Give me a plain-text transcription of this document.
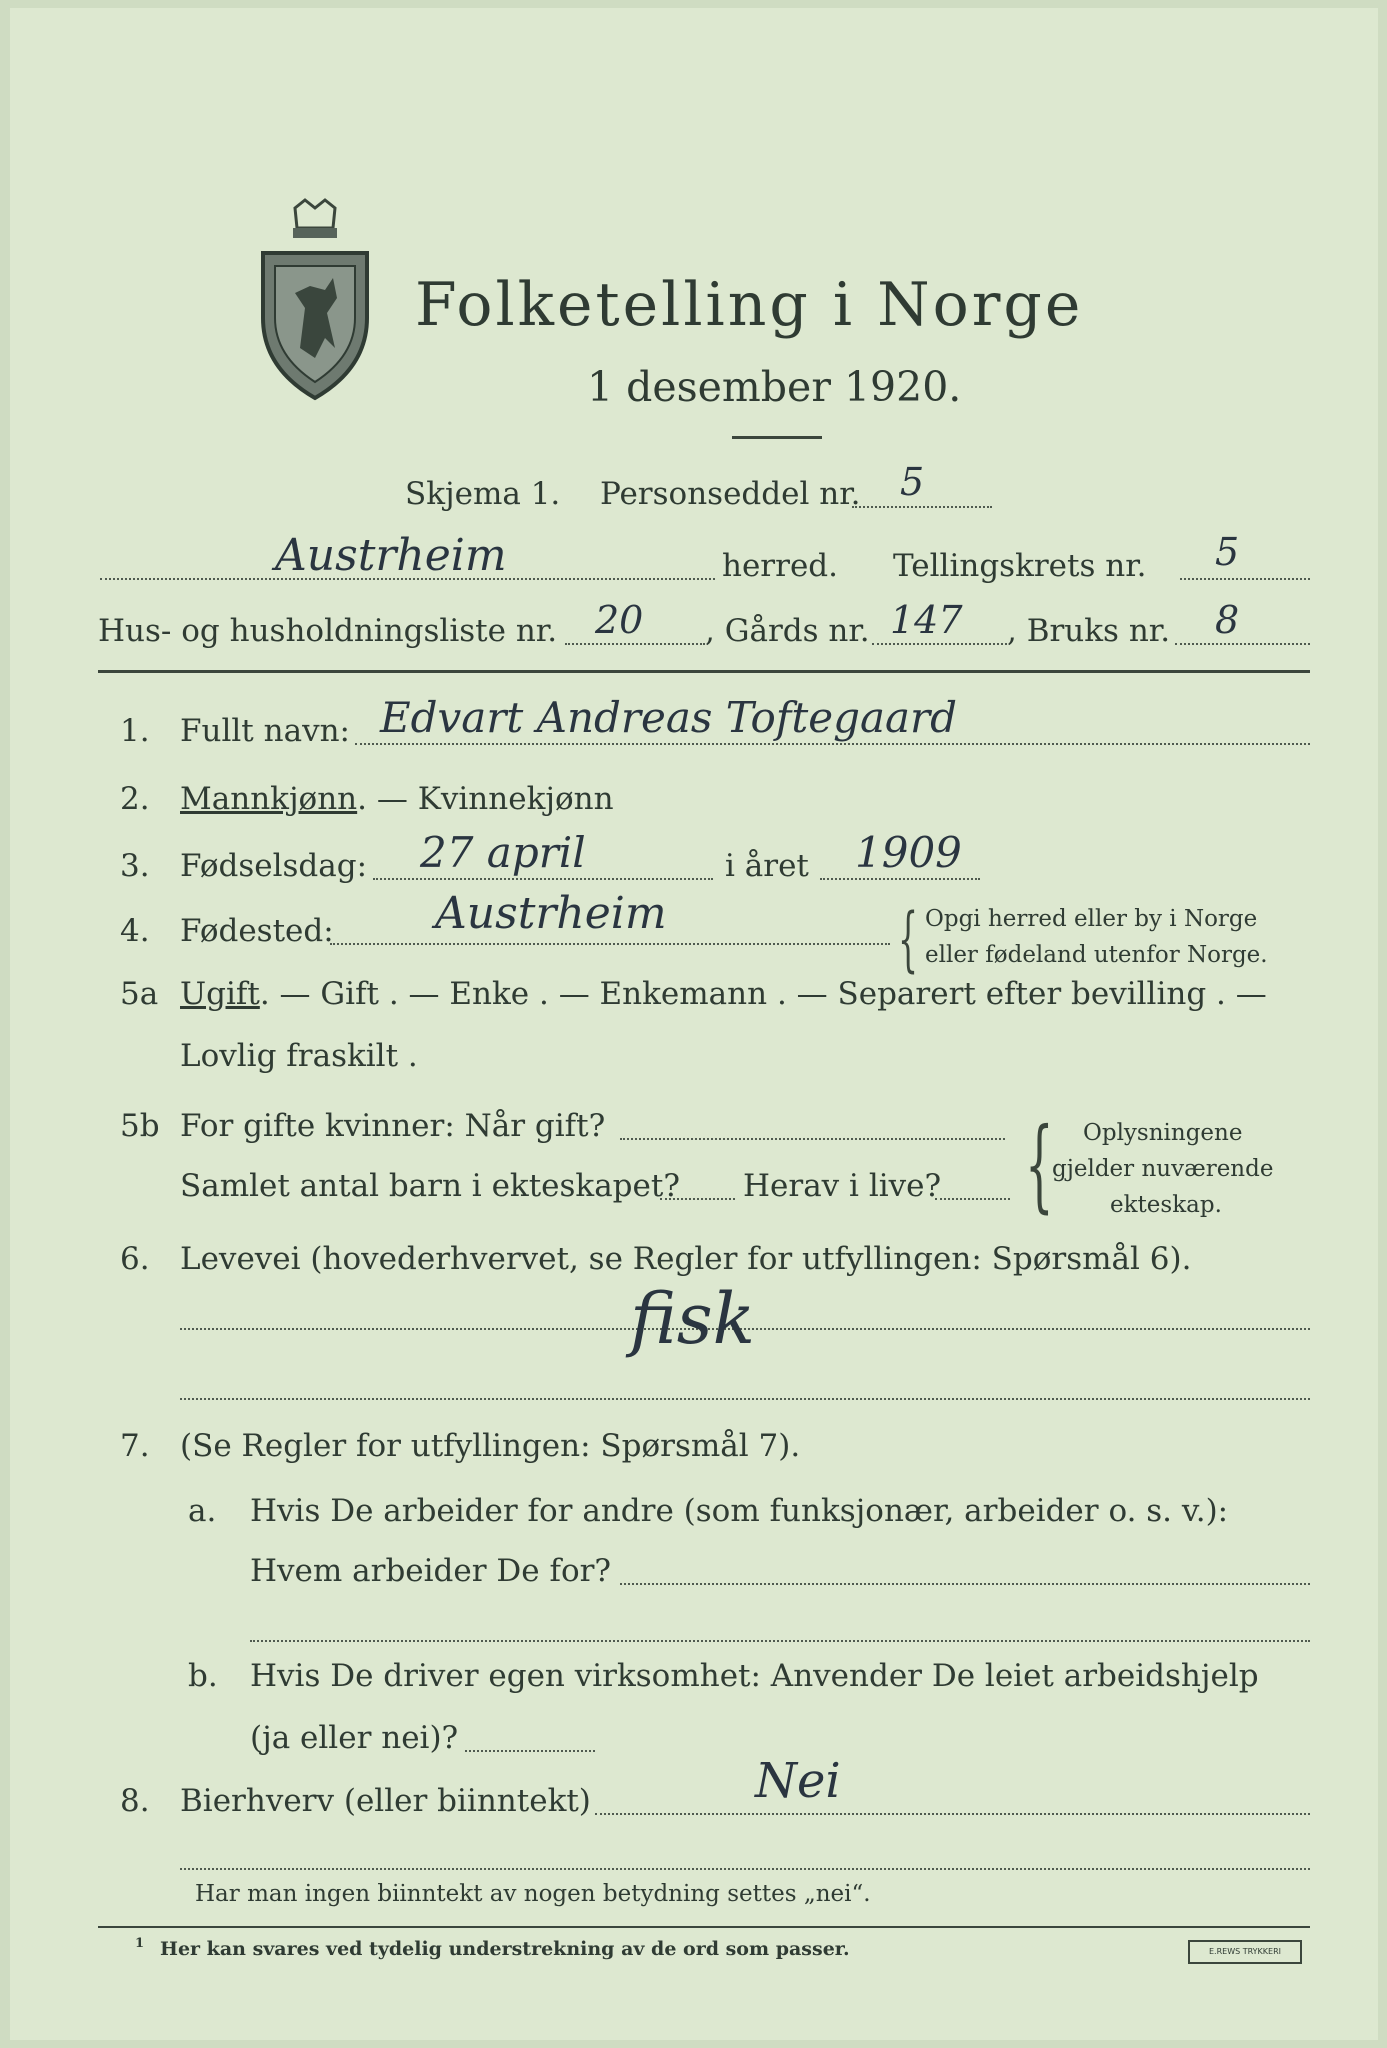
Folketelling i Norge
1 desember 1920.
Skjema 1. Personseddel nr. 5
Austrheim	herred. Tellingskrets nr. 5
Hus- og husholdningsliste nr. 20 , Gårds nr. 147 , Bruks nr. 8
1. Fullt navn: Edvart Andreas Toftegaard
2. Mannkjønn. — Kvinnekjønn
3. Fødselsdag: 27 april	i året 1909
4. Fødested: Austrheim	{ Opgi herred eller by i Norge
eller fødeland utenfor Norge.
5a Ugift. — Gift . — Enke . — Enkemann . — Separert efter bevilling . —
Lovlig fraskilt .
5b For gifte kvinner: Når gift?
Samlet antal barn i ekteskapet? Herav i live? { Oplysningene
gjelder nuværende
ekteskap.
6. Levevei (hovederhvervet, se Regler for utfyllingen: Spørsmål 6).
fisk
7. (Se Regler for utfyllingen: Spørsmål 7).
a. Hvis De arbeider for andre (som funksjonær, arbeider o. s. v.):
Hvem arbeider De for?
b. Hvis De driver egen virksomhet: Anvender De leiet arbeidshjelp
(ja eller nei)?
8. Bierhverv (eller biinntekt)	Nei
Har man ingen biinntekt av nogen betydning settes „nei“.
1 Her kan svares ved tydelig understrekning av de ord som passer.	E.REWS TRYKKERI
